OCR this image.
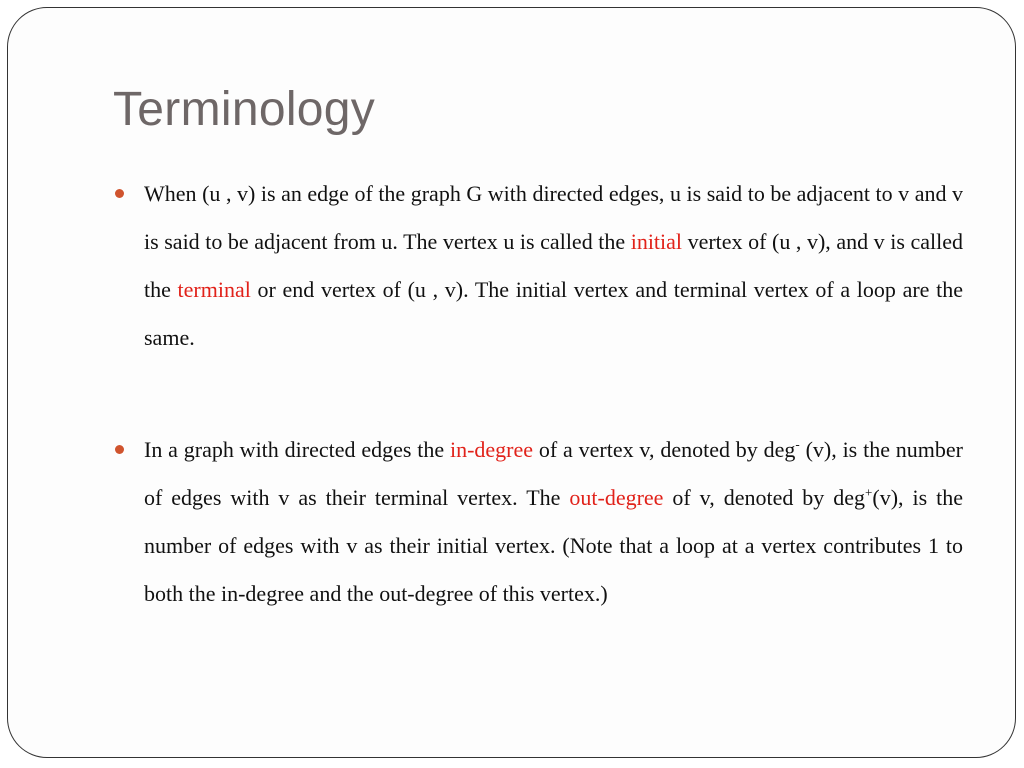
Terminology
When (u , v) is an edge of the graph G with directed edges, u is said to be adjacent to v and v is said to be adjacent from u. The vertex u is called the initial vertex of (u , v), and v is called the terminal or end vertex of (u , v). The initial vertex and terminal vertex of a loop are the same.
In a graph with directed edges the in-degree of a vertex v, denoted by deg- (v), is the number of edges with v as their terminal vertex. The out-degree of v, denoted by deg+(v), is the number of edges with v as their initial vertex. (Note that a loop at a vertex contributes 1 to both the in-degree and the out-degree of this vertex.)
